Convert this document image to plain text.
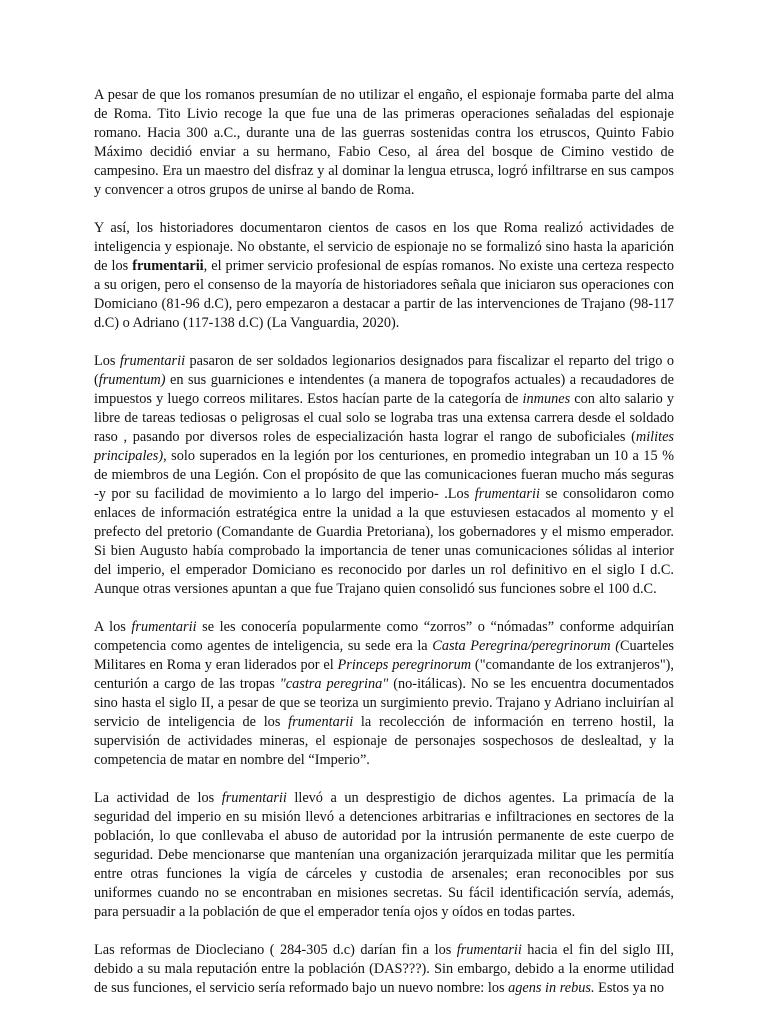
A pesar de que los romanos presumían de no utilizar el engaño, el espionaje formaba parte del alma de Roma. Tito Livio recoge la que fue una de las primeras operaciones señaladas del espionaje romano. Hacia 300 a.C., durante una de las guerras sostenidas contra los etruscos, Quinto Fabio Máximo decidió enviar a su hermano, Fabio Ceso, al área del bosque de Cimino vestido de campesino. Era un maestro del disfraz y al dominar la lengua etrusca, logró infiltrarse en sus campos y convencer a otros grupos de unirse al bando de Roma.

Y así, los historiadores documentaron cientos de casos en los que Roma realizó actividades de inteligencia y espionaje. No obstante, el servicio de espionaje no se formalizó sino hasta la aparición de los frumentarii, el primer servicio profesional de espías romanos. No existe una certeza respecto a su origen, pero el consenso de la mayoría de historiadores señala que iniciaron sus operaciones con Domiciano (81-96 d.C), pero empezaron a destacar a partir de las intervenciones de Trajano (98-117 d.C) o Adriano (117-138 d.C) (La Vanguardia, 2020).

Los frumentarii pasaron de ser soldados legionarios designados para fiscalizar el reparto del trigo o (frumentum) en sus guarniciones e intendentes (a manera de topografos actuales) a recaudadores de impuestos y luego correos militares. Estos hacían parte de la categoría de inmunes con alto salario y libre de tareas tediosas o peligrosas el cual solo se lograba tras una extensa carrera desde el soldado raso , pasando por diversos roles de especialización hasta lograr el rango de suboficiales (milites principales), solo superados en la legión por los centuriones, en promedio integraban un 10 a 15 % de miembros de una Legión. Con el propósito de que las comunicaciones fueran mucho más seguras -y por su facilidad de movimiento a lo largo del imperio- .Los frumentarii se consolidaron como enlaces de información estratégica entre la unidad a la que estuviesen estacados al momento y el prefecto del pretorio (Comandante de Guardia Pretoriana), los gobernadores y el mismo emperador. Si bien Augusto había comprobado la importancia de tener unas comunicaciones sólidas al interior del imperio, el emperador Domiciano es reconocido por darles un rol definitivo en el siglo I d.C. Aunque otras versiones apuntan a que fue Trajano quien consolidó sus funciones sobre el 100 d.C.

A los frumentarii se les conocería popularmente como “zorros” o “nómadas” conforme adquirían competencia como agentes de inteligencia, su sede era la Casta Peregrina/peregrinorum (Cuarteles Militares en Roma y eran liderados por el Princeps peregrinorum ("comandante de los extranjeros"), centurión a cargo de las tropas "castra peregrina" (no-itálicas). No se les encuentra documentados sino hasta el siglo II, a pesar de que se teoriza un surgimiento previo. Trajano y Adriano incluirían al servicio de inteligencia de los frumentarii la recolección de información en terreno hostil, la supervisión de actividades mineras, el espionaje de personajes sospechosos de deslealtad, y la competencia de matar en nombre del “Imperio”.

La actividad de los frumentarii llevó a un desprestigio de dichos agentes. La primacía de la seguridad del imperio en su misión llevó a detenciones arbitrarias e infiltraciones en sectores de la población, lo que conllevaba el abuso de autoridad por la intrusión permanente de este cuerpo de seguridad. Debe mencionarse que mantenían una organización jerarquizada militar que les permitía entre otras funciones la vigía de cárceles y custodia de arsenales; eran reconocibles por sus uniformes cuando no se encontraban en misiones secretas. Su fácil identificación servía, además, para persuadir a la población de que el emperador tenía ojos y oídos en todas partes.

Las reformas de Diocleciano ( 284-305 d.c) darían fin a los frumentarii hacia el fin del siglo III, debido a su mala reputación entre la población (DAS???). Sin embargo, debido a la enorme utilidad de sus funciones, el servicio sería reformado bajo un nuevo nombre: los agens in rebus. Estos ya no
